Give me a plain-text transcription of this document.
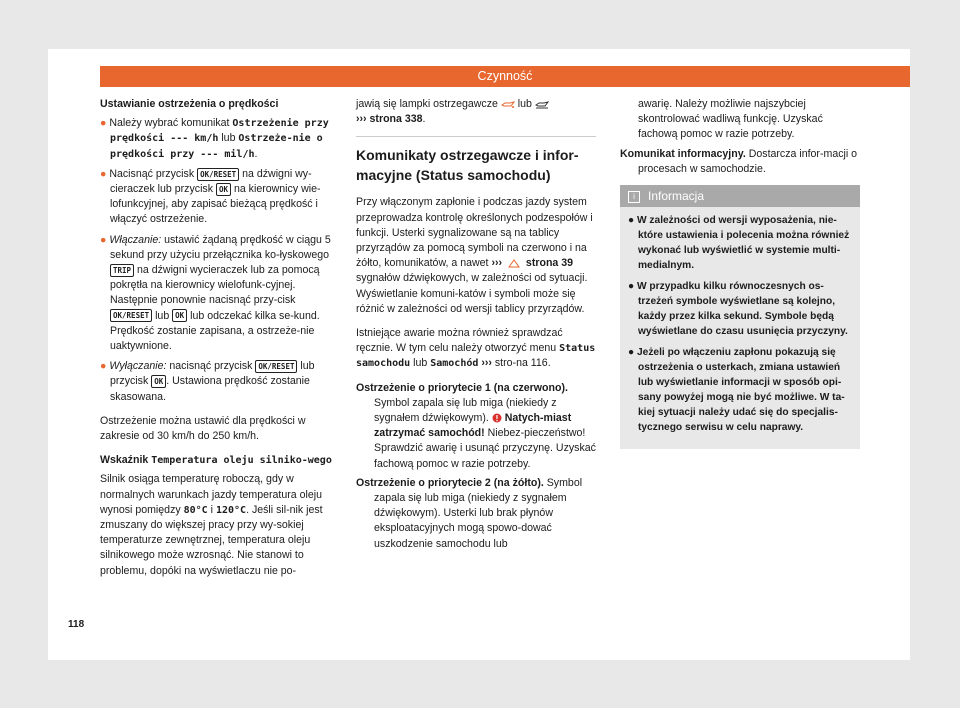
Czynność
Ustawianie ostrzeżenia o prędkości
● Należy wybrać komunikat Ostrzeżenie przy prędkości --- km/h lub Ostrzeże-nie o prędkości przy --- mil/h.
● Nacisnąć przycisk OK/RESET na dźwigni wy-cieraczek lub przycisk OK na kierownicy wie-lofunkcyjnej, aby zapisać bieżącą prędkość i włączyć ostrzeżenie.
● Włączanie: ustawić żądaną prędkość w ciągu 5 sekund przy użyciu przełącznika ko-łyskowego TRIP na dźwigni wycieraczek lub za pomocą pokrętła na kierownicy wielofunk-cyjnej. Następnie ponownie nacisnąć przy-cisk OK/RESET lub OK lub odczekać kilka se-kund. Prędkość zostanie zapisana, a ostrzeże-nie uaktywnione.
● Wyłączanie: nacisnąć przycisk OK/RESET lub przycisk OK . Ustawiona prędkość zostanie skasowana.

Ostrzeżenie można ustawić dla prędkości w zakresie od 30 km/h do 250 km/h.

Wskaźnik Temperatura oleju silniko-wego

Silnik osiąga temperaturę roboczą, gdy w normalnych warunkach jazdy temperatura oleju wynosi pomiędzy 80°C i 120°C. Jeśli sil-nik jest zmuszany do większej pracy przy wy-sokiej temperaturze zewnętrznej, temperatura oleju silnikowego może wzrosnąć. Nie stanowi to problemu, dopóki na wyświetlaczu nie po-

jawią się lampki ostrzegawcze  lub
››› strona 338.

Komunikaty ostrzegawcze i infor-macyjne (Status samochodu)

Przy włączonym zapłonie i podczas jazdy system przeprowadza kontrolę określonych podzespołów i funkcji. Usterki sygnalizowane są na tablicy przyrządów za pomocą symboli na czerwono i na żółto, komunikatów, a nawet ›››  strona 39 sygnałów dźwiękowych, w zależności od sytuacji. Wyświetlanie komuni-katów i symboli może się różnić w zależności od wersji tablicy przyrządów.

Istniejące awarie można również sprawdzać ręcznie. W tym celu należy otworzyć menu Status samochodu lub Samochód ››› stro-na 116.

Ostrzeżenie o priorytecie 1 (na czerwono). Symbol zapala się lub miga (niekiedy z sygnałem dźwiękowym).  Natych-miast zatrzymać samochód! Niebez-pieczeństwo! Sprawdzić awarię i usunąć przyczynę. Uzyskać fachową pomoc w razie potrzeby.
Ostrzeżenie o priorytecie 2 (na żółto). Symbol zapala się lub miga (niekiedy z sygnałem dźwiękowym). Usterki lub brak płynów eksploatacyjnych mogą spowo-dować uszkodzenie samochodu lub
awarię. Należy możliwie najszybciej skontrolować wadliwą funkcję. Uzyskać fachową pomoc w razie potrzeby.
Komunikat informacyjny. Dostarcza infor-macji o procesach w samochodzie.
i Informacja
● W zależności od wersji wyposażenia, nie-które ustawienia i polecenia można również wykonać lub wyświetlić w systemie multi-medialnym.
● W przypadku kilku równoczesnych os-trzeżeń symbole wyświetlane są kolejno, każdy przez kilka sekund. Symbole będą wyświetlane do czasu usunięcia przyczyny.
● Jeżeli po włączeniu zapłonu pokazują się ostrzeżenia o usterkach, zmiana ustawień lub wyświetlanie informacji w sposób opi-sany powyżej mogą nie być możliwe. W ta-kiej sytuacji należy udać się do specjalis-tycznego serwisu w celu naprawy.
118
